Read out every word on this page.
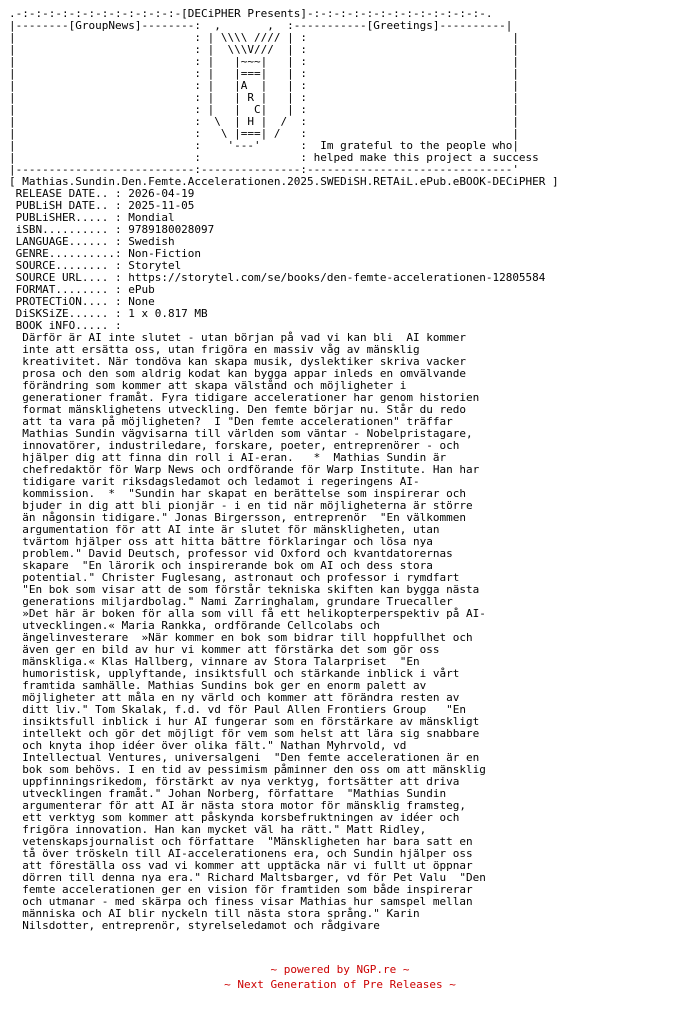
.-:-:-:-:-:-:-:-:-:-:-:-:-[DECiPHER Presents]-:-:-:-:-:-:-:-:-:-:-:-:-:-.
|--------[GroupNews]--------:  ,       ,  :-----------[Greetings]----------|
|                           : | \\\\ //// | :                               |
|                           : |  \\\V///  | :                               |
|                           : |   |~~~|   | :                               |
|                           : |   |===|   | :                               |
|                           : |   |A  |   | :                               |
|                           : |   | R |   | :                               |
|                           : |   |  C|   | :                               |
|                           :  \  | H |  /  :                               |
|                           :   \ |===| /   :                               |
|                           :    '---'      :  Im grateful to the people who|
|                           :               : helped make this project a success
|---------------------------:---------------:-------------------------------'
[ Mathias.Sundin.Den.Femte.Accelerationen.2025.SWEDiSH.RETAiL.ePub.eBOOK-DECiPHER ]
RELEASE DATE.. : 2026-04-19
PUBLiSH DATE.. : 2025-11-05
PUBLiSHER..... : Mondial
iSBN.......... : 9789180028097
LANGUAGE...... : Swedish
GENRE..........: Non-Fiction
SOURCE........ : Storytel
SOURCE URL.... : https://storytel.com/se/books/den-femte-accelerationen-12805584
FORMAT........ : ePub
PROTECTiON.... : None
DiSKSiZE...... : 1 x 0.817 MB
BOOK iNFO..... :
Därför är AI inte slutet - utan början på vad vi kan bli  AI kommer
inte att ersätta oss, utan frigöra en massiv våg av mänsklig
kreativitet. När tondöva kan skapa musik, dyslektiker skriva vacker
prosa och den som aldrig kodat kan bygga appar inleds en omvälvande
förändring som kommer att skapa välstånd och möjligheter i
generationer framåt. Fyra tidigare accelerationer har genom historien
format mänsklighetens utveckling. Den femte börjar nu. Står du redo
att ta vara på möjligheten?  I "Den femte accelerationen" träffar
Mathias Sundin vägvisarna till världen som väntar - Nobelpristagare,
innovatörer, industriledare, forskare, poeter, entreprenörer - och
hjälper dig att finna din roll i AI-eran.   *  Mathias Sundin är
chefredaktör för Warp News och ordförande för Warp Institute. Han har
tidigare varit riksdagsledamot och ledamot i regeringens AI-
kommission.  *  "Sundin har skapat en berättelse som inspirerar och
bjuder in dig att bli pionjär - i en tid när möjligheterna är större
än någonsin tidigare." Jonas Birgersson, entreprenör  "En välkommen
argumentation för att AI inte är slutet för mänskligheten, utan
tvärtom hjälper oss att hitta bättre förklaringar och lösa nya
problem." David Deutsch, professor vid Oxford och kvantdatorernas
skapare  "En lärorik och inspirerande bok om AI och dess stora
potential." Christer Fuglesang, astronaut och professor i rymdfart
"En bok som visar att de som förstår tekniska skiften kan bygga nästa
generations miljardbolag." Nami Zarringhalam, grundare Truecaller
»Det här är boken för alla som vill få ett helikopterperspektiv på AI-
utvecklingen.« Maria Rankka, ordförande Cellcolabs och
ängelinvesterare  »När kommer en bok som bidrar till hoppfullhet och
även ger en bild av hur vi kommer att förstärka det som gör oss
mänskliga.« Klas Hallberg, vinnare av Stora Talarpriset  "En
humoristisk, upplyftande, insiktsfull och stärkande inblick i vårt
framtida samhälle. Mathias Sundins bok ger en enorm palett av
möjligheter att måla en ny värld och kommer att förändra resten av
ditt liv." Tom Skalak, f.d. vd för Paul Allen Frontiers Group   "En
insiktsfull inblick i hur AI fungerar som en förstärkare av mänskligt
intellekt och gör det möjligt för vem som helst att lära sig snabbare
och knyta ihop idéer över olika fält." Nathan Myhrvold, vd
Intellectual Ventures, universalgeni  "Den femte accelerationen är en
bok som behövs. I en tid av pessimism påminner den oss om att mänsklig
uppfinningsrikedom, förstärkt av nya verktyg, fortsätter att driva
utvecklingen framåt." Johan Norberg, författare  "Mathias Sundin
argumenterar för att AI är nästa stora motor för mänsklig framsteg,
ett verktyg som kommer att påskynda korsbefruktningen av idéer och
frigöra innovation. Han kan mycket väl ha rätt." Matt Ridley,
vetenskapsjournalist och författare  "Mänskligheten har bara satt en
tå över tröskeln till AI-accelerationens era, och Sundin hjälper oss
att föreställa oss vad vi kommer att upptäcka när vi fullt ut öppnar
dörren till denna nya era." Richard Maltsbarger, vd för Pet Valu  "Den
femte accelerationen ger en vision för framtiden som både inspirerar
och utmanar - med skärpa och finess visar Mathias hur samspel mellan
människa och AI blir nyckeln till nästa stora språng." Karin
Nilsdotter, entreprenör, styrelseledamot och rådgivare
~ powered by NGP.re ~
~ Next Generation of Pre Releases ~
